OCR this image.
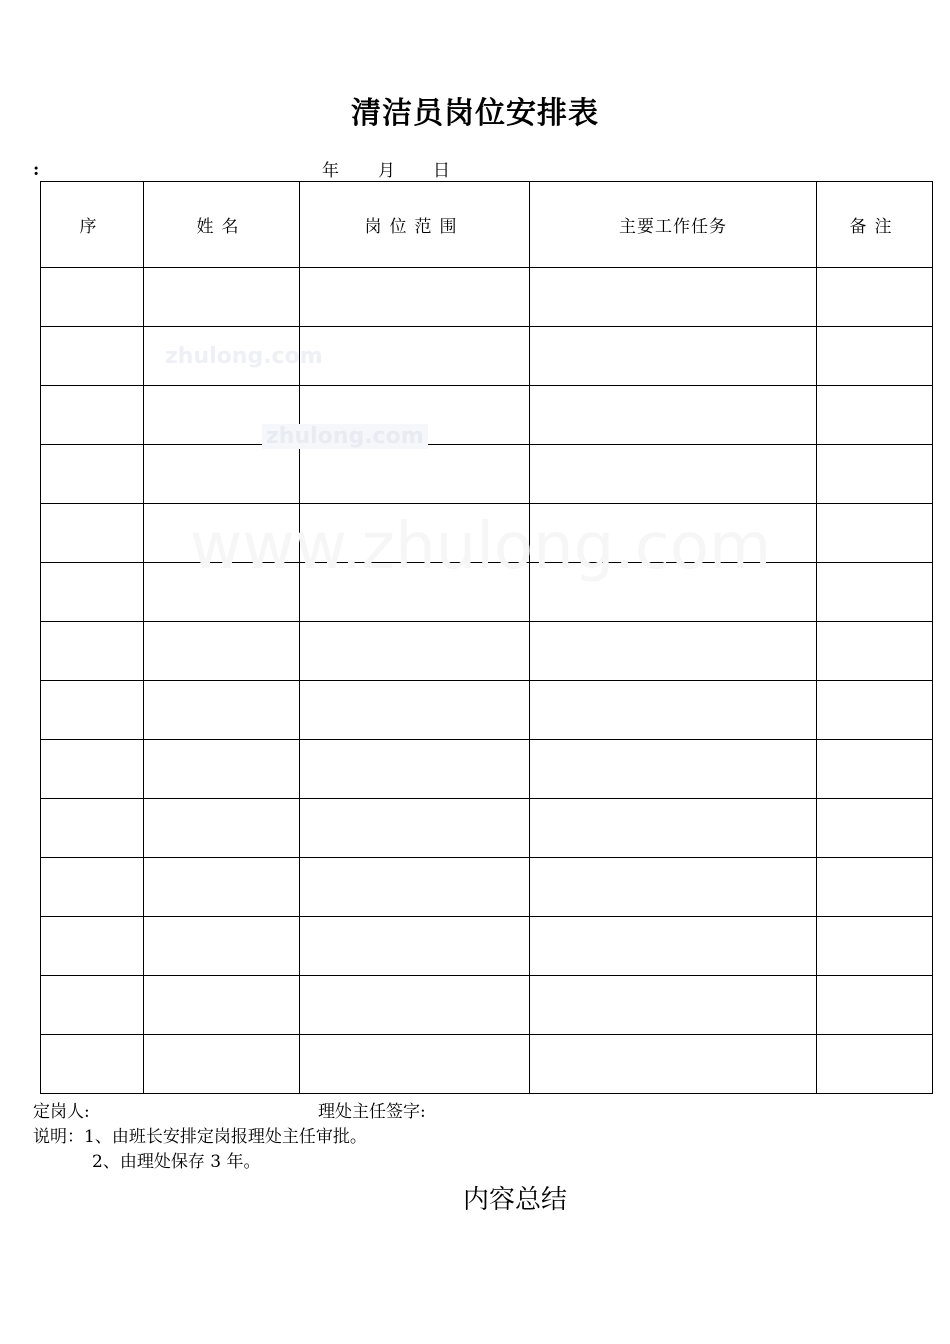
清洁员岗位安排表
:	年 月 日
序	姓名	岗位范围	主要工作任务	备注

zhulong.com
zhulong.com
www.zhulong.com
定岗人:	理处主任签字:
说明：1、由班长安排定岗报理处主任审批。
2、由理处保存 3 年。
内容总结
